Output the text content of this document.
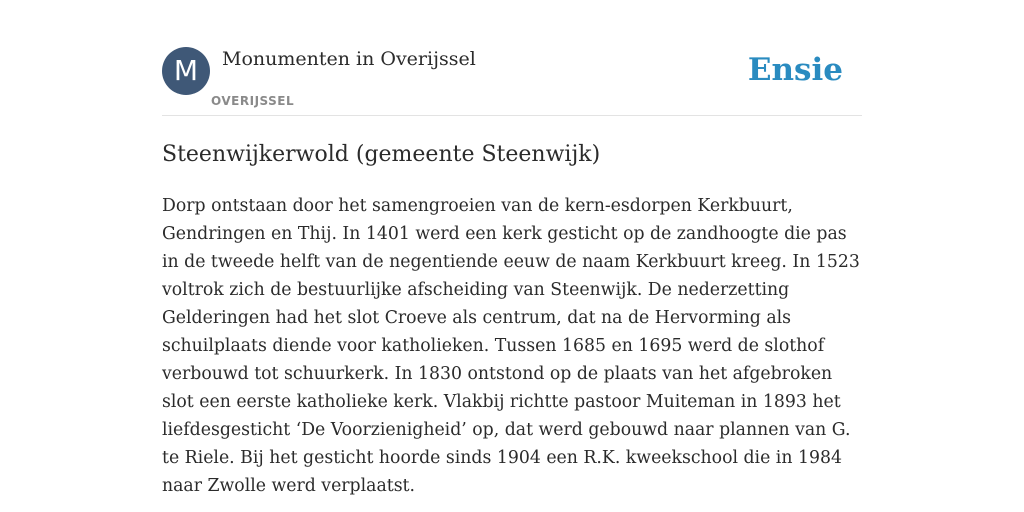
M	Monumenten in Overijssel
OVERIJSSEL
Ensie
Steenwijkerwold (gemeente Steenwijk)

Dorp ontstaan door het samengroeien van de kern-esdorpen Kerkbuurt, Gendringen en Thij. In 1401 werd een kerk gesticht op de zandhoogte die pas in de tweede helft van de negentiende eeuw de naam Kerkbuurt kreeg. In 1523 voltrok zich de bestuurlijke afscheiding van Steenwijk. De nederzetting Gelderingen had het slot Croeve als centrum, dat na de Hervorming als schuilplaats diende voor katholieken. Tussen 1685 en 1695 werd de slothof verbouwd tot schuurkerk. In 1830 ontstond op de plaats van het afgebroken slot een eerste katholieke kerk. Vlakbij richtte pastoor Muiteman in 1893 het liefdesgesticht ‘De Voorzienigheid’ op, dat werd gebouwd naar plannen van G. te Riele. Bij het gesticht hoorde sinds 1904 een R.K. kweekschool die in 1984 naar Zwolle werd verplaatst.
